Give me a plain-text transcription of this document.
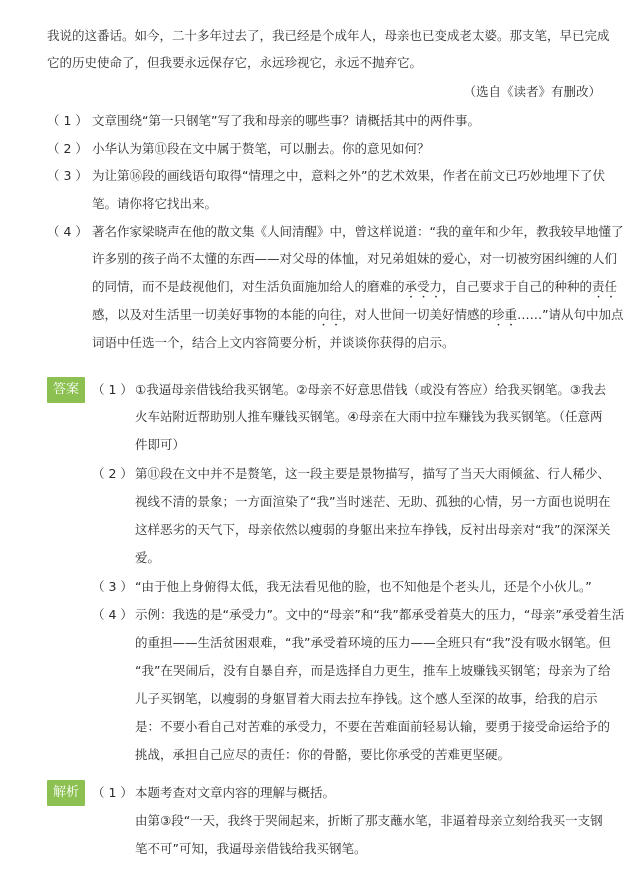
我说的这番话。如今，二十多年过去了，我已经是个成年人，母亲也已变成老太婆。那支笔，早已完成
它的历史使命了，但我要永远保存它，永远珍视它，永远不抛弃它。
（选自《读者》有删改）
（ 1 ） 文章围绕“第一只钢笔”写了我和母亲的哪些事？请概括其中的两件事。
（ 2 ） 小华认为第⑪段在文中属于赘笔，可以删去。你的意见如何？
（ 3 ） 为让第⑯段的画线语句取得“情理之中，意料之外”的艺术效果，作者在前文已巧妙地埋下了伏
笔。请你将它找出来。
（ 4 ） 著名作家梁晓声在他的散文集《人间清醒》中，曾这样说道：“我的童年和少年，教我较早地懂了
许多别的孩子尚不太懂的东西——对父母的体恤，对兄弟姐妹的爱心，对一切被穷困纠缠的人们
的同情，而不是歧视他们，对生活负面施加给人的磨难的承受力，自己要求于自己的种种的责任
感，以及对生活里一切美好事物的本能的向往，对人世间一切美好情感的珍重……”请从句中加点
词语中任选一个，结合上文内容简要分析，并谈谈你获得的启示。
答案	（ 1 ） ①我逼母亲借钱给我买钢笔。②母亲不好意思借钱（或没有答应）给我买钢笔。③我去
火车站附近帮助别人推车赚钱买钢笔。④母亲在大雨中拉车赚钱为我买钢笔。（任意两
件即可）
（ 2 ） 第⑪段在文中并不是赘笔，这一段主要是景物描写，描写了当天大雨倾盆、行人稀少、
视线不清的景象；一方面渲染了“我”当时迷茫、无助、孤独的心情，另一方面也说明在
这样恶劣的天气下，母亲依然以瘦弱的身躯出来拉车挣钱，反衬出母亲对“我”的深深关
爱。
（ 3 ） “由于他上身俯得太低，我无法看见他的脸，也不知他是个老头儿，还是个小伙儿。”
（ 4 ） 示例：我选的是“承受力”。文中的“母亲”和“我”都承受着莫大的压力，“母亲”承受着生活
的重担——生活贫困艰难，“我”承受着环境的压力——全班只有“我”没有吸水钢笔。但
“我”在哭闹后，没有自暴自弃，而是选择自力更生，推车上坡赚钱买钢笔；母亲为了给
儿子买钢笔，以瘦弱的身躯冒着大雨去拉车挣钱。这个感人至深的故事，给我的启示
是：不要小看自己对苦难的承受力，不要在苦难面前轻易认输，要勇于接受命运给予的
挑战，承担自己应尽的责任：你的骨骼，要比你承受的苦难更坚硬。
解析	（ 1 ） 本题考查对文章内容的理解与概括。
由第③段“一天，我终于哭闹起来，折断了那支蘸水笔，非逼着母亲立刻给我买一支钢
笔不可”可知，我逼母亲借钱给我买钢笔。
